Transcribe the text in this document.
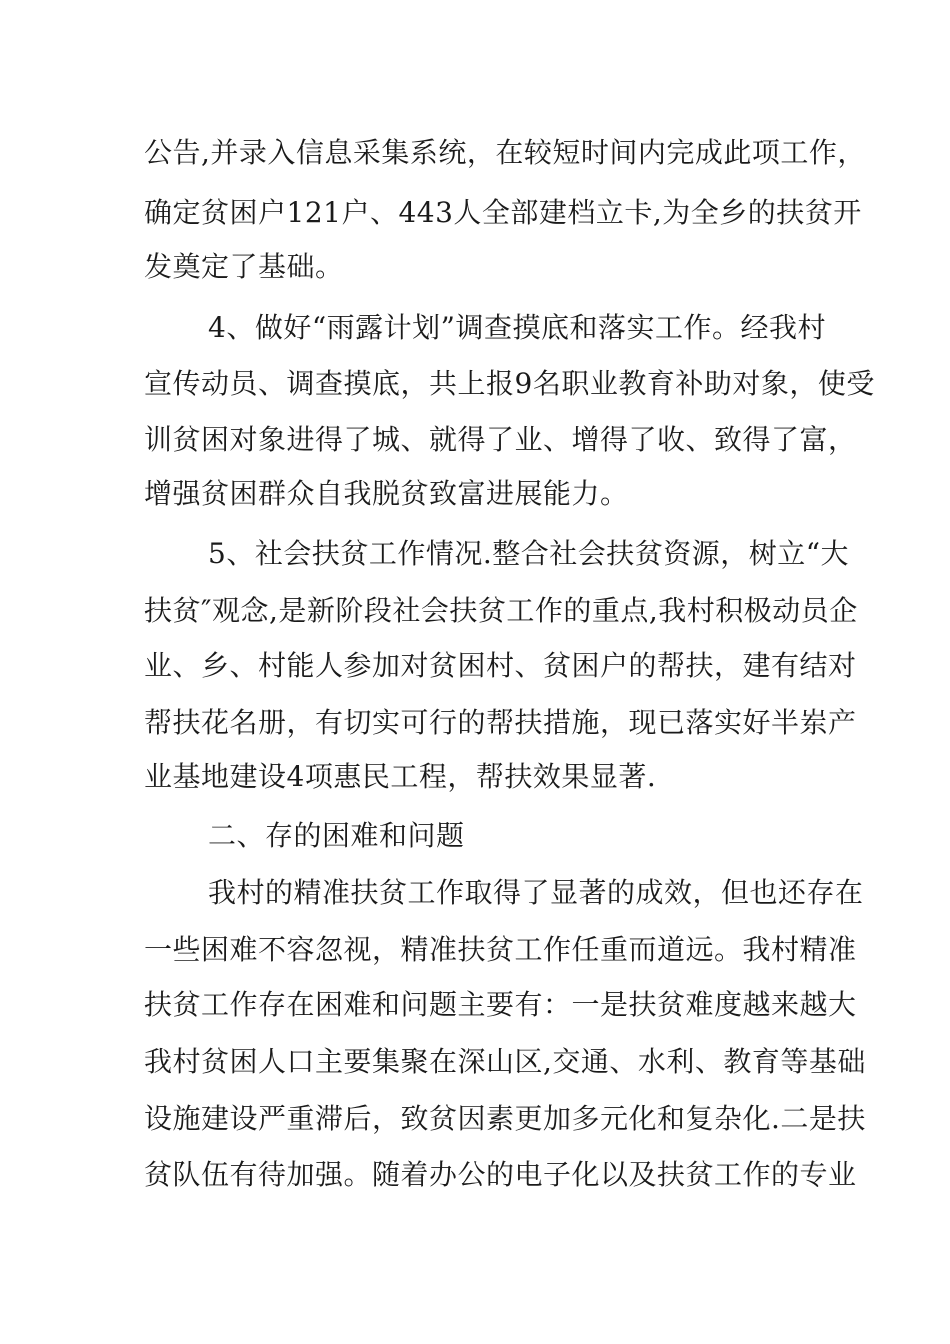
公告,并录入信息采集系统，在较短时间内完成此项工作，
确定贫困户121户、443人全部建档立卡,为全乡的扶贫开
发奠定了基础。
4、做好“雨露计划”调查摸底和落实工作。经我村
宣传动员、调查摸底，共上报9名职业教育补助对象，使受
训贫困对象进得了城、就得了业、增得了收、致得了富，
增强贫困群众自我脱贫致富进展能力。
5、社会扶贫工作情况.整合社会扶贫资源，树立“大
扶贫″观念,是新阶段社会扶贫工作的重点,我村积极动员企
业、乡、村能人参加对贫困村、贫困户的帮扶，建有结对
帮扶花名册，有切实可行的帮扶措施，现已落实好半岽产
业基地建设4项惠民工程，帮扶效果显著.
二、存的困难和问题
我村的精准扶贫工作取得了显著的成效，但也还存在
一些困难不容忽视，精准扶贫工作任重而道远。我村精准
扶贫工作存在困难和问题主要有：一是扶贫难度越来越大
我村贫困人口主要集聚在深山区,交通、水利、教育等基础
设施建设严重滞后，致贫因素更加多元化和复杂化.二是扶
贫队伍有待加强。随着办公的电子化以及扶贫工作的专业
